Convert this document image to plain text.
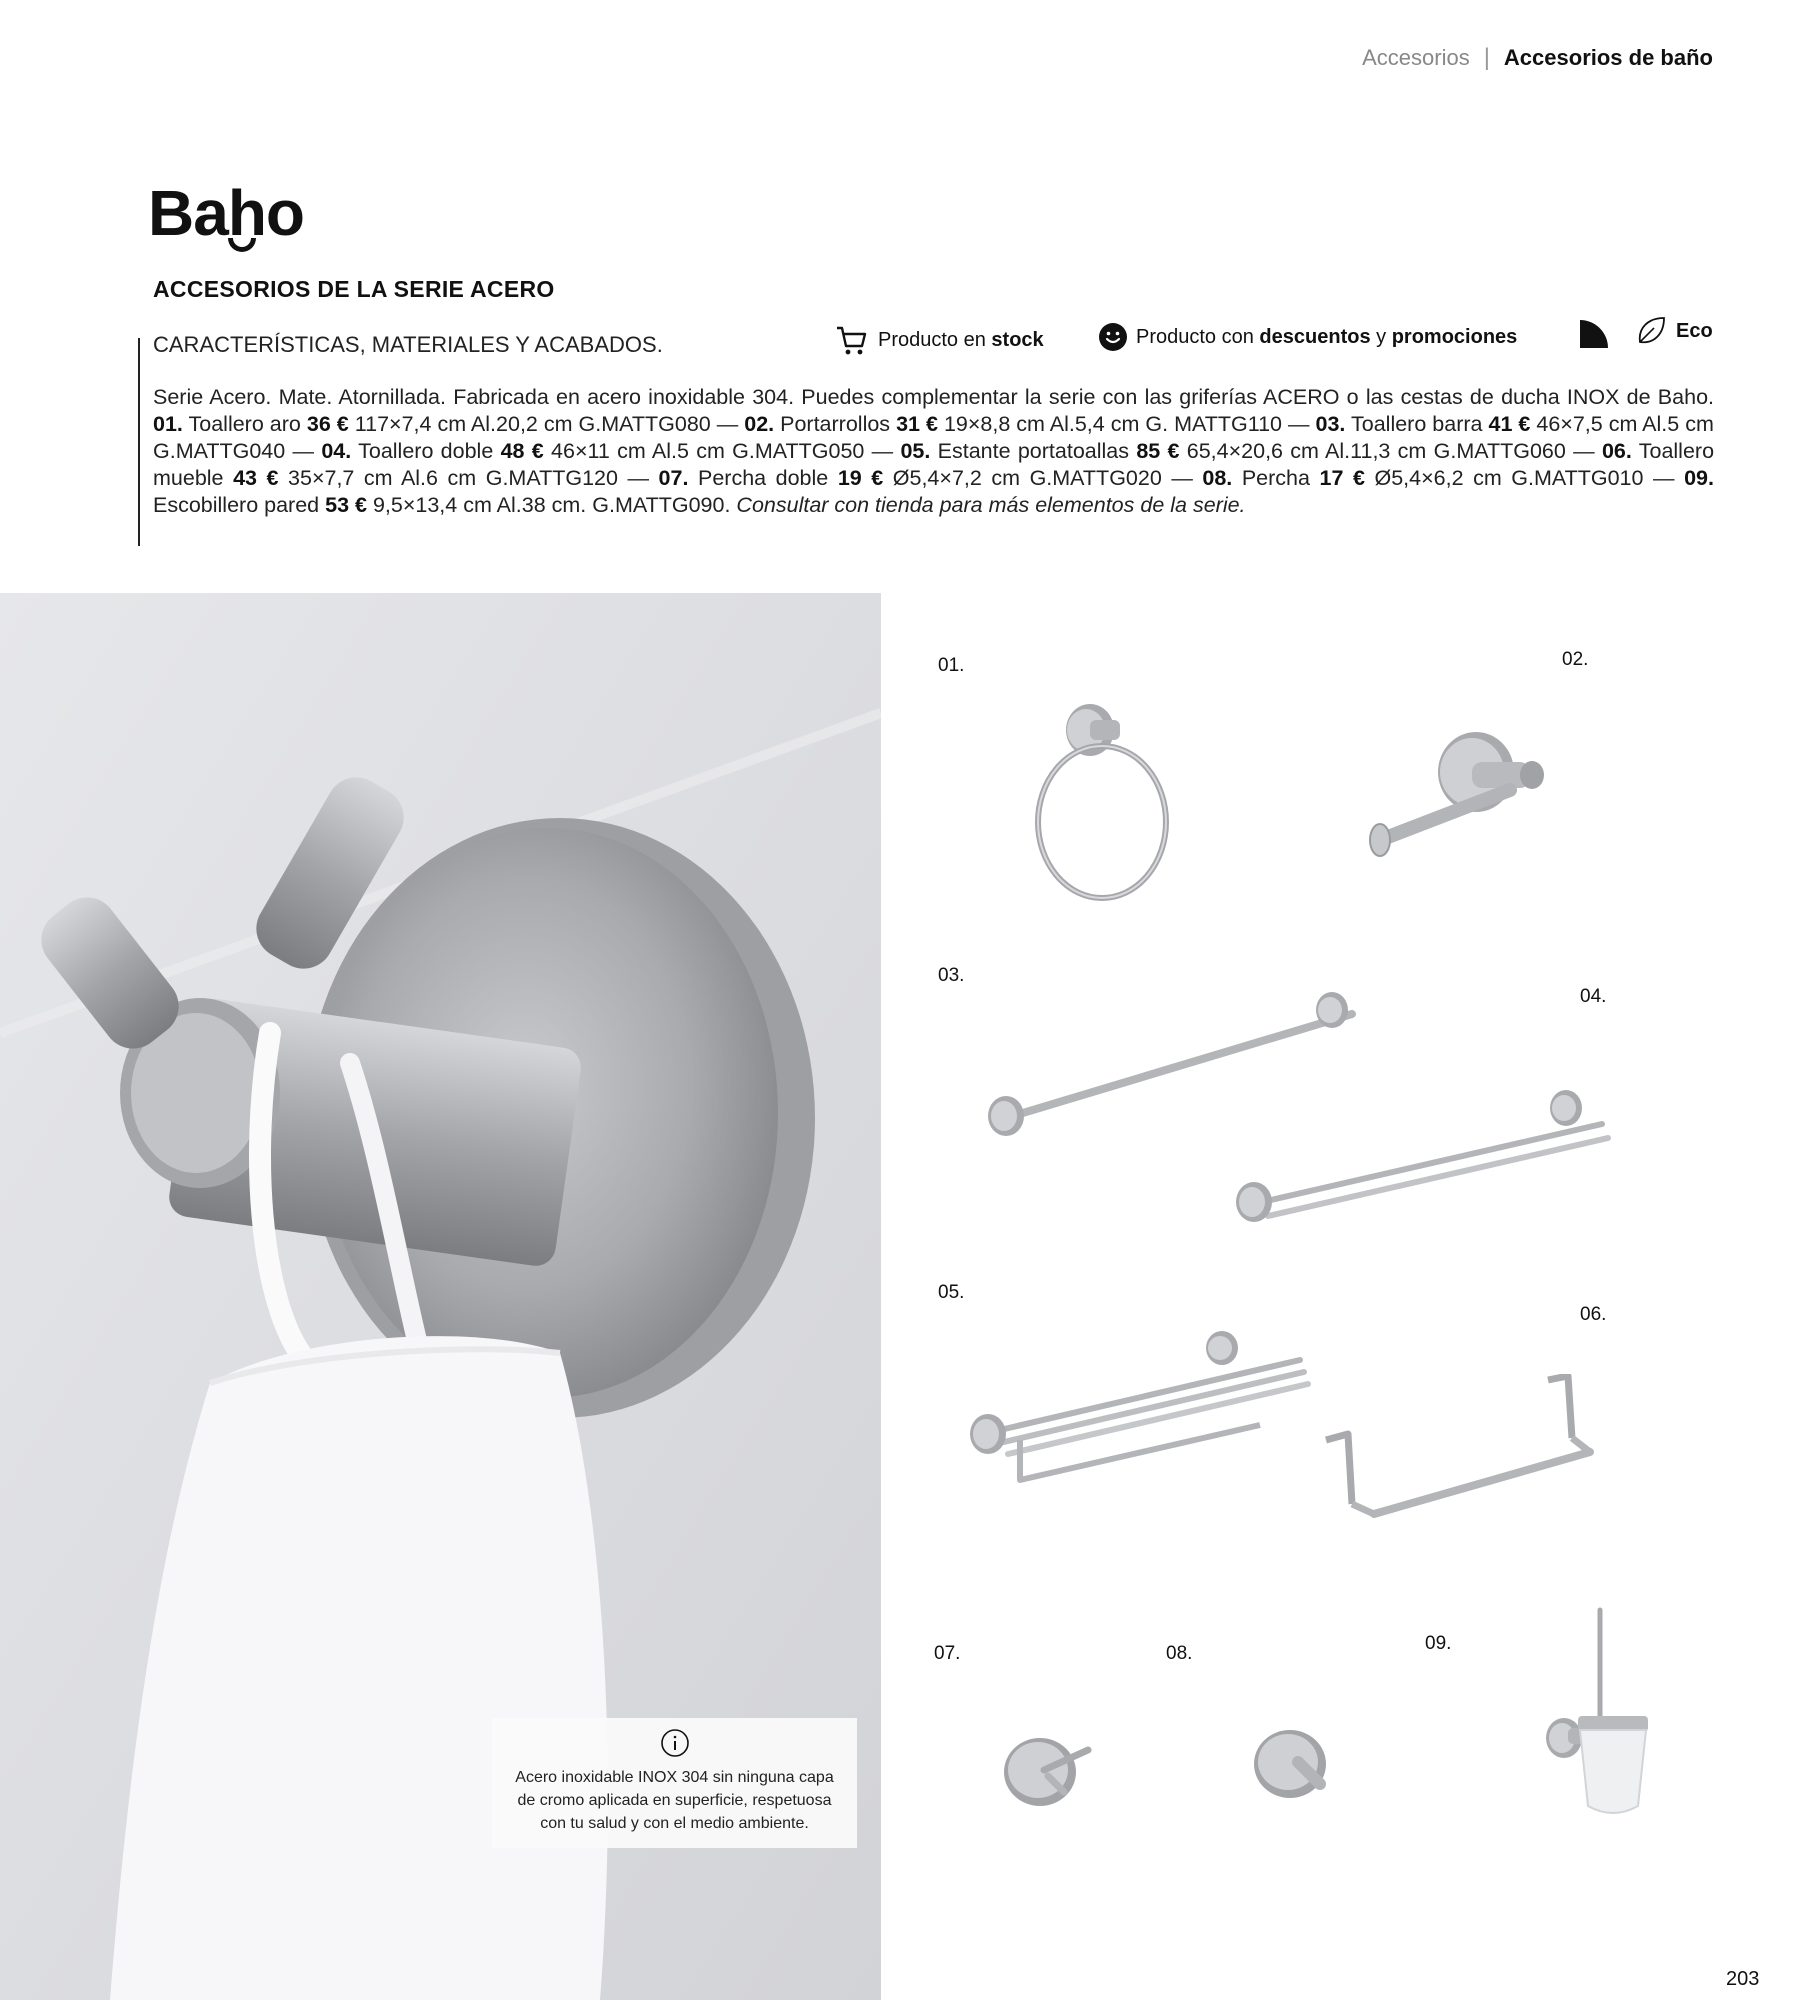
Accesorios | Accesorios de baño
Baho
ACCESORIOS DE LA SERIE ACERO
CARACTERÍSTICAS, MATERIALES Y ACABADOS.	Producto en stock	Producto con descuentos y promociones	Eco
Serie Acero. Mate. Atornillada. Fabricada en acero inoxidable 304. Puedes complementar la serie con las griferías ACERO o las cestas de ducha INOX de Baho. 01. Toallero aro 36 € 117×7,4 cm Al.20,2 cm G.MATTG080 — 02. Portarrollos 31 € 19×8,8 cm Al.5,4 cm G. MATTG110 — 03. Toallero barra 41 € 46×7,5 cm Al.5 cm G.MATTG040 — 04. Toallero doble 48 € 46×11 cm Al.5 cm G.MATTG050 — 05. Estante portatoallas 85 € 65,4×20,6 cm Al.11,3 cm G.MATTG060 — 06. Toallero mueble 43 € 35×7,7 cm Al.6 cm G.MATTG120 — 07. Percha doble 19 € Ø5,4×7,2 cm G.MATTG020 — 08. Percha 17 € Ø5,4×6,2 cm G.MATTG010 — 09. Escobillero pared 53 € 9,5×13,4 cm Al.38 cm. G.MATTG090. Consultar con tienda para más elementos de la serie.
Acero inoxidable INOX 304 sin ninguna capa de cromo aplicada en superficie, respetuosa con tu salud y con el medio ambiente.
01.	02.
03.
04.
05.
06.
07.	08.	09.
203
